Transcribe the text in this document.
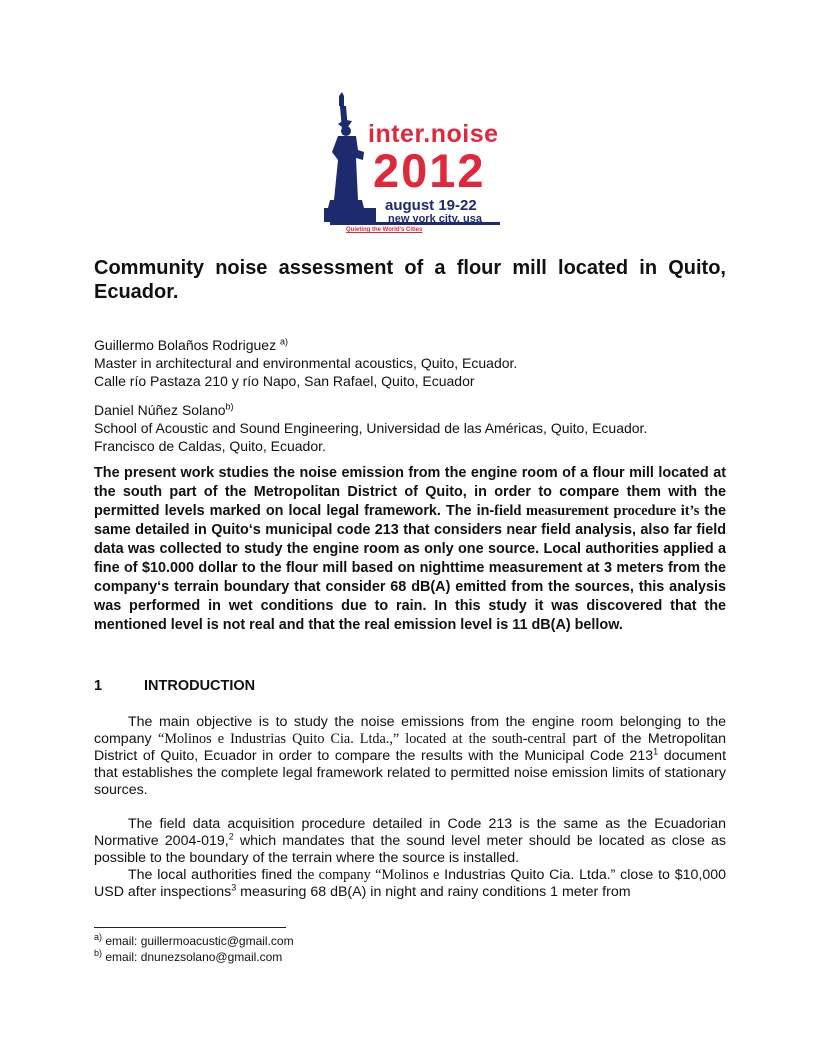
inter.noise
2012
august 19-22
new york city, usa
Quieting the World's Cities
Community noise assessment of a flour mill located in Quito, Ecuador.
Guillermo Bolaños Rodriguez $^{a)}$
Master in architectural and environmental acoustics, Quito, Ecuador.
Calle río Pastaza 210 y río Napo, San Rafael, Quito, Ecuador
Daniel Núñez Solano$^{b)}$
School of Acoustic and Sound Engineering, Universidad de las Américas, Quito, Ecuador.
Francisco de Caldas, Quito, Ecuador.
The present work studies the noise emission from the engine room of a flour mill located at the south part of the Metropolitan District of Quito, in order to compare them with the permitted levels marked on local legal framework. The in-field measurement procedure it’s the same detailed in Quito‘s municipal code 213 that considers near field analysis, also far field data was collected to study the engine room as only one source. Local authorities applied a fine of $10.000 dollar to the flour mill based on nighttime measurement at 3 meters from the company‘s terrain boundary that consider 68 dB(A) emitted from the sources, this analysis was performed in wet conditions due to rain. In this study it was discovered that the mentioned level is not real and that the real emission level is 11 dB(A) bellow.
1	INTRODUCTION
The main objective is to study the noise emissions from the engine room belonging to the company “Molinos e Industrias Quito Cia. Ltda.,” located at the south-central part of the Metropolitan District of Quito, Ecuador in order to compare the results with the Municipal Code $213^1$ document that establishes the complete legal framework related to permitted noise emission limits of stationary sources.
The field data acquisition procedure detailed in Code 213 is the same as the Ecuadorian Normative 2004-019,$^2$ which mandates that the sound level meter should be located as close as possible to the boundary of the terrain where the source is installed.
The local authorities fined the company “Molinos e Industrias Quito Cia. Ltda.” close to $10,000 USD after inspections$^3$ measuring 68 dB(A) in night and rainy conditions 1 meter from
$^{a)}$ email: guillermoacustic@gmail.com
$^{b)}$ email: dnunezsolano@gmail.com
